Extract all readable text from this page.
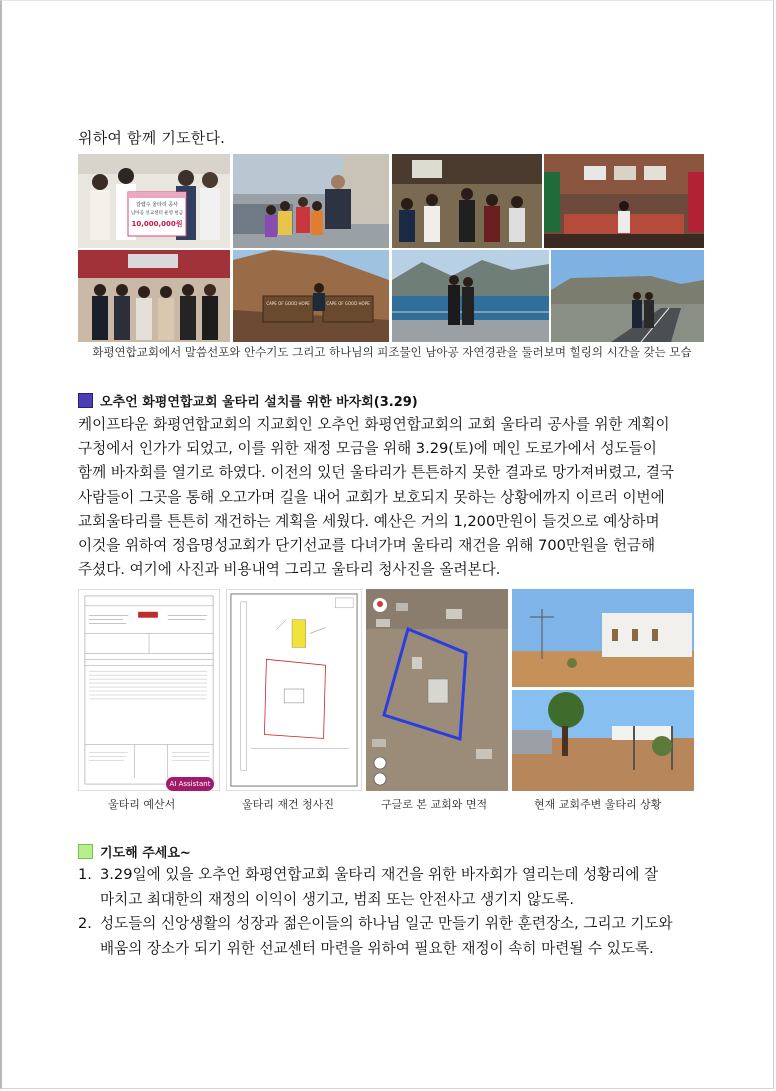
위하여 함께 기도한다.
갈렘수 울타리 공사
남아공 선교센터 운영 헌금
10,000,000원
CAPE OF GOOD HOPE	CAPE OF GOOD HOPE
화평연합교회에서 말씀선포와 안수기도 그리고 하나님의 피조물인 남아공 자연경관을 둘러보며 힐링의 시간을 갖는 모습
오추언 화평연합교회 울타리 설치를 위한 바자회(3.29)
케이프타운 화평연합교회의 지교회인 오추언 화평연합교회의 교회 울타리 공사를 위한 계획이
구청에서 인가가 되었고, 이를 위한 재정 모금을 위해 3.29(토)에 메인 도로가에서 성도들이
함께 바자회를 열기로 하였다. 이전의 있던 울타리가 튼튼하지 못한 결과로 망가져버렸고, 결국
사람들이 그곳을 통해 오고가며 길을 내어 교회가 보호되지 못하는 상황에까지 이르러 이번에
교회울타리를 튼튼히 재건하는 계획을 세웠다. 예산은 거의 1,200만원이 들것으로 예상하며
이것을 위하여 정읍명성교회가 단기선교를 다녀가며 울타리 재건을 위해 700만원을 헌금해
주셨다. 여기에 사진과 비용내역 그리고 울타리 청사진을 올려본다.
AI Assistant
울타리 예산서	울타리 재건 청사진	구글로 본 교회와 면적	현재 교회주변 울타리 상황
기도해 주세요~
1. 3.29일에 있을 오추언 화평연합교회 울타리 재건을 위한 바자회가 열리는데 성황리에 잘
마치고 최대한의 재정의 이익이 생기고, 범죄 또는 안전사고 생기지 않도록.
2. 성도들의 신앙생활의 성장과 젊은이들의 하나님 일군 만들기 위한 훈련장소, 그리고 기도와
배움의 장소가 되기 위한 선교센터 마련을 위하여 필요한 재정이 속히 마련될 수 있도록.
